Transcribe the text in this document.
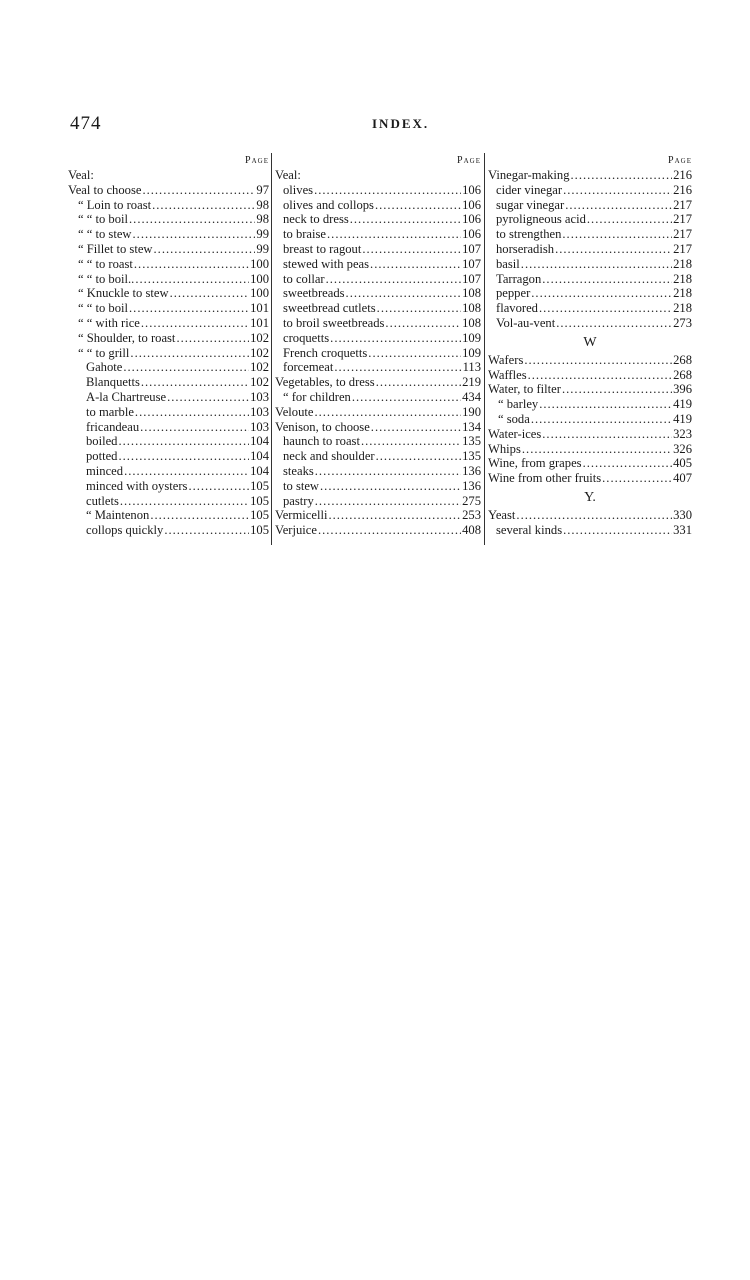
474	INDEX.
Page
Veal:
Veal to choose .....	97
“ Loin to roast .....	98
“ “ to boil .....	98
“ “ to stew .....	99
“ Fillet to stew .....	99
“ “ to roast .....	100
“ “ to boil.. .....	100
“ Knuckle to stew .....	100
“ “ to boil .....	101
“ “ with rice .....	101
“ Shoulder, to roast .....	102
“ “ to grill .....	102
Gahote .....	102
Blanquetts .....	102
A-la Chartreuse .....	103
to marble .....	103
fricandeau .....	103
boiled .....	104
potted .....	104
minced .....	104
minced with oysters .....	105
cutlets .....	105
“ Maintenon .....	105
collops quickly .....	105
Page
Veal:
olives .....	106
olives and collops .....	106
neck to dress .....	106
to braise .....	106
breast to ragout .....	107
stewed with peas .....	107
to collar .....	107
sweetbreads .....	108
sweetbread cutlets .....	108
to broil sweetbreads .....	108
croquetts .....	109
French croquetts .....	109
forcemeat .....	113
Vegetables, to dress .....	219
“ for children .....	434
Veloute .....	190
Venison, to choose .....	134
haunch to roast .....	135
neck and shoulder .....	135
steaks .....	136
to stew .....	136
pastry .....	275
Vermicelli .....	253
Verjuice .....	408
Page
Vinegar-making .....	216
cider vinegar .....	216
sugar vinegar .....	217
pyroligneous acid .....	217
to strengthen .....	217
horseradish .....	217
basil .....	218
Tarragon .....	218
pepper .....	218
flavored .....	218
Vol-au-vent .....	273
W
Wafers .....	268
Waffles .....	268
Water, to filter .....	396
“ barley .....	419
“ soda .....	419
Water-ices .....	323
Whips .....	326
Wine, from grapes .....	405
Wine from other fruits .....	407
Y.
Yeast .....	330
several kinds .....	331
